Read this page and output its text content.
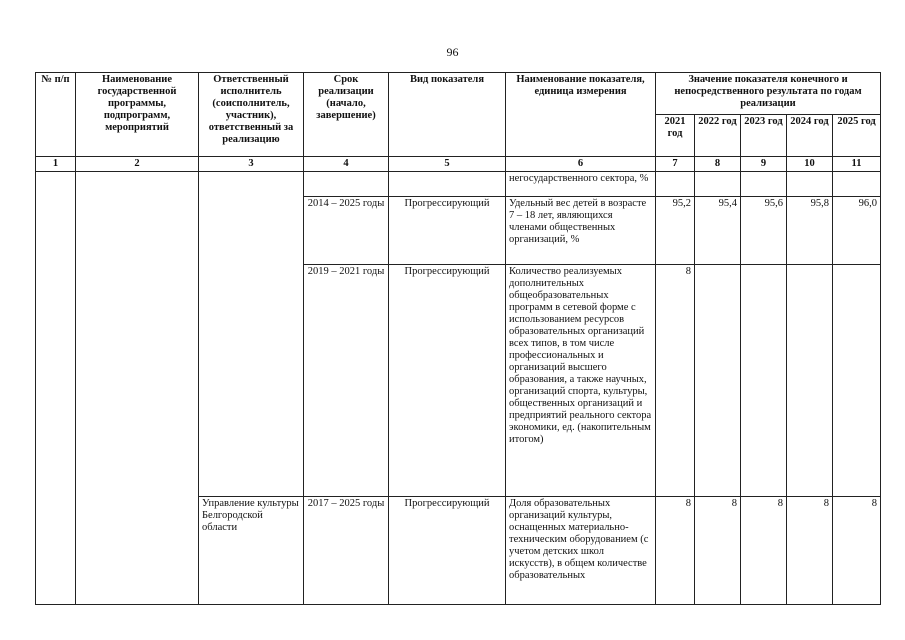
96
№ п/п	Наименование государственной программы, подпрограмм, мероприятий	Ответственный исполнитель (соисполнитель, участник), ответственный за реализацию	Срок реализации (начало, завершение)	Вид показателя	Наименование показателя, единица измерения	Значение показателя конечного и непосредственного результата по годам реализации				
						2021 год	2022 год	2023 год	2024 год	2025 год
1	2	3	4	5	6	7	8	9	10	11
					негосударственного сектора, %					
			2014 – 2025 годы	Прогрессирующий	Удельный вес детей в возрасте 7 – 18 лет, являющихся членами общественных организаций, %	95,2	95,4	95,6	95,8	96,0
			2019 – 2021 годы	Прогрессирующий	Количество реализуемых дополнительных общеобразовательных программ в сетевой форме с использованием ресурсов образовательных организаций всех типов, в том числе профессиональных и организаций высшего образования, а также научных, организаций спорта, культуры, общественных организаций и предприятий реального сектора экономики, ед. (накопительным итогом)	8				
		Управление культуры Белгородской области	2017 – 2025 годы	Прогрессирующий	Доля образовательных организаций культуры, оснащенных материально-техническим оборудованием (с учетом детских школ искусств), в общем количестве образовательных	8	8	8	8	8
